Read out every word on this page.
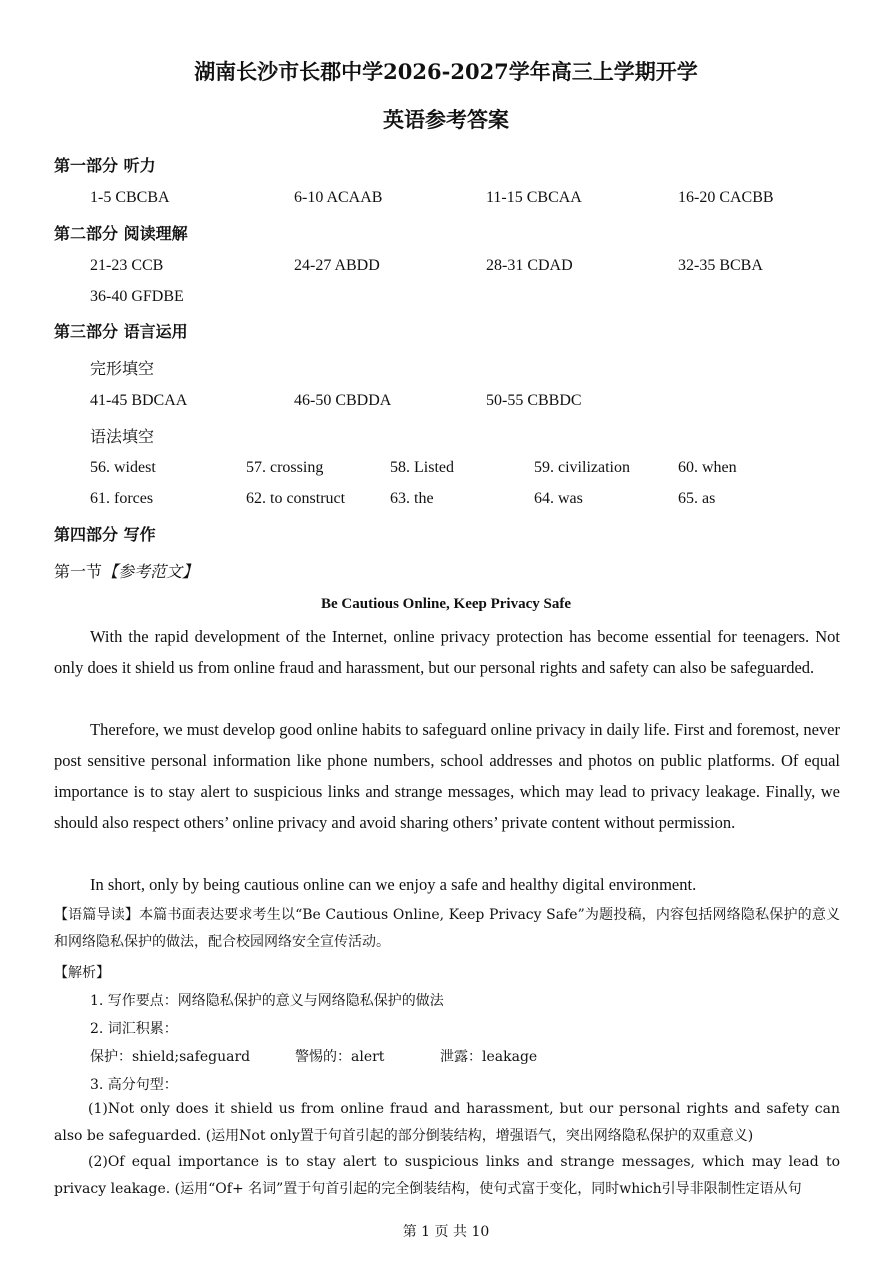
湖南长沙市长郡中学2026-2027学年高三上学期开学
英语参考答案
第一部分 听力
1-5 CBCBA	6-10 ACAAB	11-15 CBCAA	16-20 CACBB
第二部分 阅读理解
21-23 CCB	24-27 ABDD	28-31 CDAD	32-35 BCBA
36-40 GFDBE
第三部分 语言运用
完形填空
41-45 BDCAA	46-50 CBDDA	50-55 CBBDC
语法填空
56. widest	57. crossing	58. Listed	59. civilization	60. when
61. forces	62. to construct	63. the	64. was	65. as
第四部分 写作
第一节【参考范文】
Be Cautious Online, Keep Privacy Safe

With the rapid development of the Internet, online privacy protection has become essential for teenagers. Not only does it shield us from online fraud and harassment, but our personal rights and safety can also be safeguarded.

Therefore, we must develop good online habits to safeguard online privacy in daily life. First and foremost, never post sensitive personal information like phone numbers, school addresses and photos on public platforms. Of equal importance is to stay alert to suspicious links and strange messages, which may lead to privacy leakage. Finally, we should also respect others’ online privacy and avoid sharing others’ private content without permission.

In short, only by being cautious online can we enjoy a safe and healthy digital environment.

【语篇导读】本篇书面表达要求考生以“Be Cautious Online, Keep Privacy Safe”为题投稿，内容包括网络隐私保护的意义和网络隐私保护的做法，配合校园网络安全宣传活动。

【解析】
1. 写作要点：网络隐私保护的意义与网络隐私保护的做法
2. 词汇积累：
保护：shield;safeguard	警惕的：alert	泄露：leakage
3. 高分句型：

(1)Not only does it shield us from online fraud and harassment, but our personal rights and safety can also be safeguarded. (运用Not only置于句首引起的部分倒装结构，增强语气，突出网络隐私保护的双重意义)

(2)Of equal importance is to stay alert to suspicious links and strange messages, which may lead to privacy leakage. (运用“Of+ 名词”置于句首引起的完全倒装结构，使句式富于变化，同时which引导非限制性定语从句

第 1 页 共 10
